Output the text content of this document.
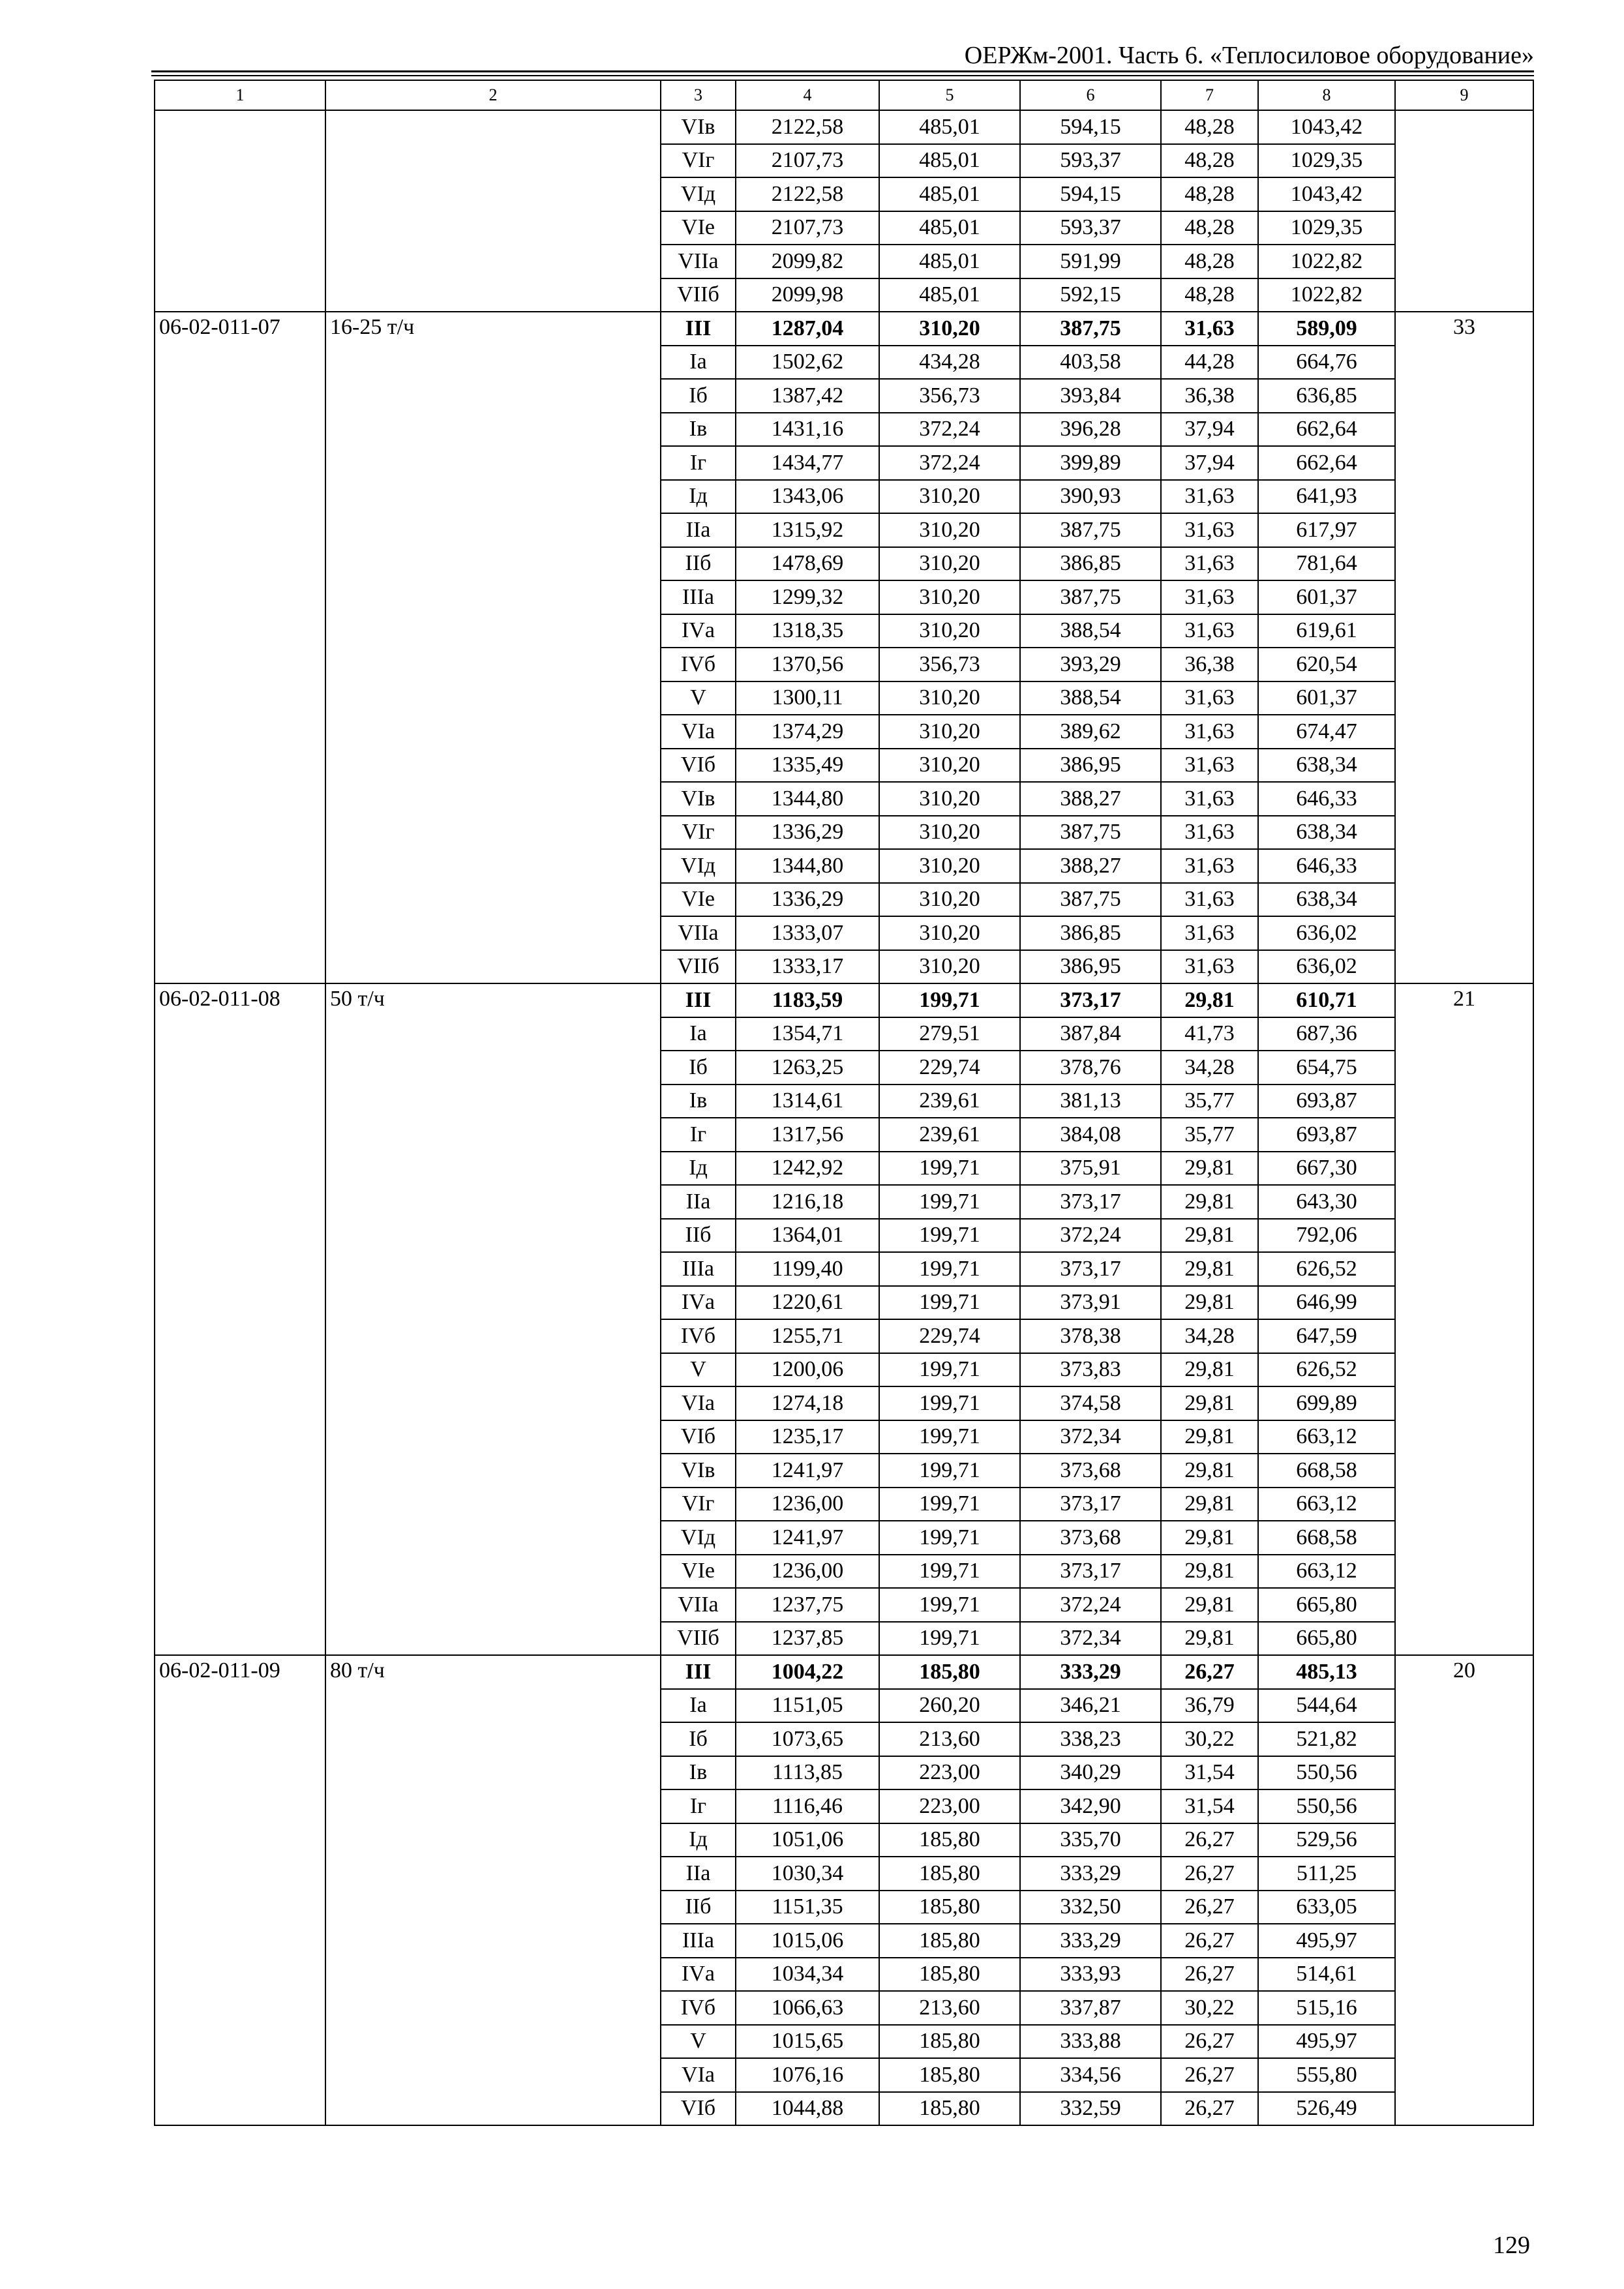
ОЕРЖм-2001. Часть 6. «Теплосиловое оборудование»
1	2	3	4	5	6	7	8	9
		VIв	2122,58	485,01	594,15	48,28	1043,42	
		VIг	2107,73	485,01	593,37	48,28	1029,35	
		VIд	2122,58	485,01	594,15	48,28	1043,42	
		VIе	2107,73	485,01	593,37	48,28	1029,35	
		VIIа	2099,82	485,01	591,99	48,28	1022,82	
		VIIб	2099,98	485,01	592,15	48,28	1022,82	
06-02-011-07	16-25 т/ч	III	1287,04	310,20	387,75	31,63	589,09	33
		Iа	1502,62	434,28	403,58	44,28	664,76	
		Iб	1387,42	356,73	393,84	36,38	636,85	
		Iв	1431,16	372,24	396,28	37,94	662,64	
		Iг	1434,77	372,24	399,89	37,94	662,64	
		Iд	1343,06	310,20	390,93	31,63	641,93	
		IIа	1315,92	310,20	387,75	31,63	617,97	
		IIб	1478,69	310,20	386,85	31,63	781,64	
		IIIа	1299,32	310,20	387,75	31,63	601,37	
		IVа	1318,35	310,20	388,54	31,63	619,61	
		IVб	1370,56	356,73	393,29	36,38	620,54	
		V	1300,11	310,20	388,54	31,63	601,37	
		VIа	1374,29	310,20	389,62	31,63	674,47	
		VIб	1335,49	310,20	386,95	31,63	638,34	
		VIв	1344,80	310,20	388,27	31,63	646,33	
		VIг	1336,29	310,20	387,75	31,63	638,34	
		VIд	1344,80	310,20	388,27	31,63	646,33	
		VIе	1336,29	310,20	387,75	31,63	638,34	
		VIIа	1333,07	310,20	386,85	31,63	636,02	
		VIIб	1333,17	310,20	386,95	31,63	636,02	
06-02-011-08	50 т/ч	III	1183,59	199,71	373,17	29,81	610,71	21
		Iа	1354,71	279,51	387,84	41,73	687,36	
		Iб	1263,25	229,74	378,76	34,28	654,75	
		Iв	1314,61	239,61	381,13	35,77	693,87	
		Iг	1317,56	239,61	384,08	35,77	693,87	
		Iд	1242,92	199,71	375,91	29,81	667,30	
		IIа	1216,18	199,71	373,17	29,81	643,30	
		IIб	1364,01	199,71	372,24	29,81	792,06	
		IIIа	1199,40	199,71	373,17	29,81	626,52	
		IVа	1220,61	199,71	373,91	29,81	646,99	
		IVб	1255,71	229,74	378,38	34,28	647,59	
		V	1200,06	199,71	373,83	29,81	626,52	
		VIа	1274,18	199,71	374,58	29,81	699,89	
		VIб	1235,17	199,71	372,34	29,81	663,12	
		VIв	1241,97	199,71	373,68	29,81	668,58	
		VIг	1236,00	199,71	373,17	29,81	663,12	
		VIд	1241,97	199,71	373,68	29,81	668,58	
		VIе	1236,00	199,71	373,17	29,81	663,12	
		VIIа	1237,75	199,71	372,24	29,81	665,80	
		VIIб	1237,85	199,71	372,34	29,81	665,80	
06-02-011-09	80 т/ч	III	1004,22	185,80	333,29	26,27	485,13	20
		Iа	1151,05	260,20	346,21	36,79	544,64	
		Iб	1073,65	213,60	338,23	30,22	521,82	
		Iв	1113,85	223,00	340,29	31,54	550,56	
		Iг	1116,46	223,00	342,90	31,54	550,56	
		Iд	1051,06	185,80	335,70	26,27	529,56	
		IIа	1030,34	185,80	333,29	26,27	511,25	
		IIб	1151,35	185,80	332,50	26,27	633,05	
		IIIа	1015,06	185,80	333,29	26,27	495,97	
		IVа	1034,34	185,80	333,93	26,27	514,61	
		IVб	1066,63	213,60	337,87	30,22	515,16	
		V	1015,65	185,80	333,88	26,27	495,97	
		VIа	1076,16	185,80	334,56	26,27	555,80	
		VIб	1044,88	185,80	332,59	26,27	526,49	
129
